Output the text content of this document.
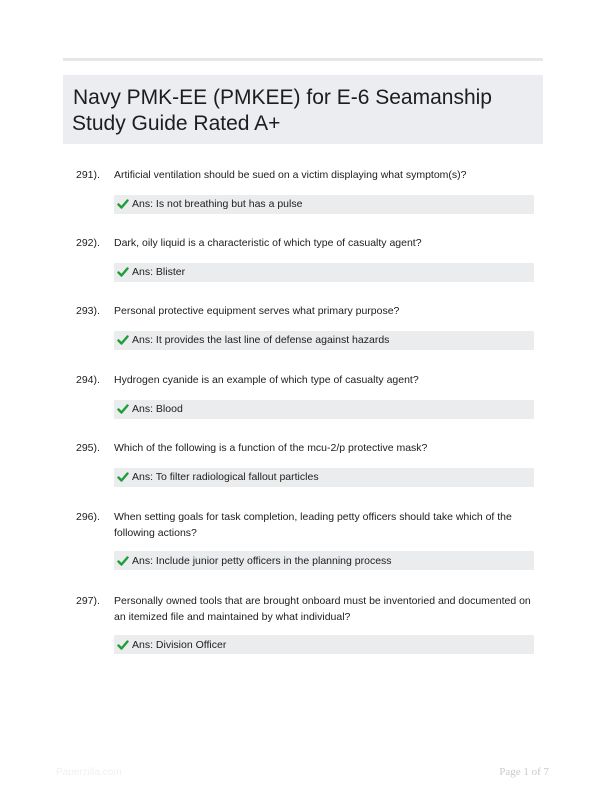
Navy PMK-EE (PMKEE) for E-6 Seamanship
Study Guide Rated A+
291). Artificial ventilation should be sued on a victim displaying what symptom(s)?
Ans: Is not breathing but has a pulse
292). Dark, oily liquid is a characteristic of which type of casualty agent?
Ans: Blister
293). Personal protective equipment serves what primary purpose?
Ans: It provides the last line of defense against hazards
294). Hydrogen cyanide is an example of which type of casualty agent?
Ans: Blood
295). Which of the following is a function of the mcu-2/p protective mask?
Ans: To filter radiological fallout particles
296). When setting goals for task completion, leading petty officers should take which of the following actions?
Ans: Include junior petty officers in the planning process
297). Personally owned tools that are brought onboard must be inventoried and documented on an itemized file and maintained by what individual?
Ans: Division Officer
Paperzilla.com	Page 1 of 7
